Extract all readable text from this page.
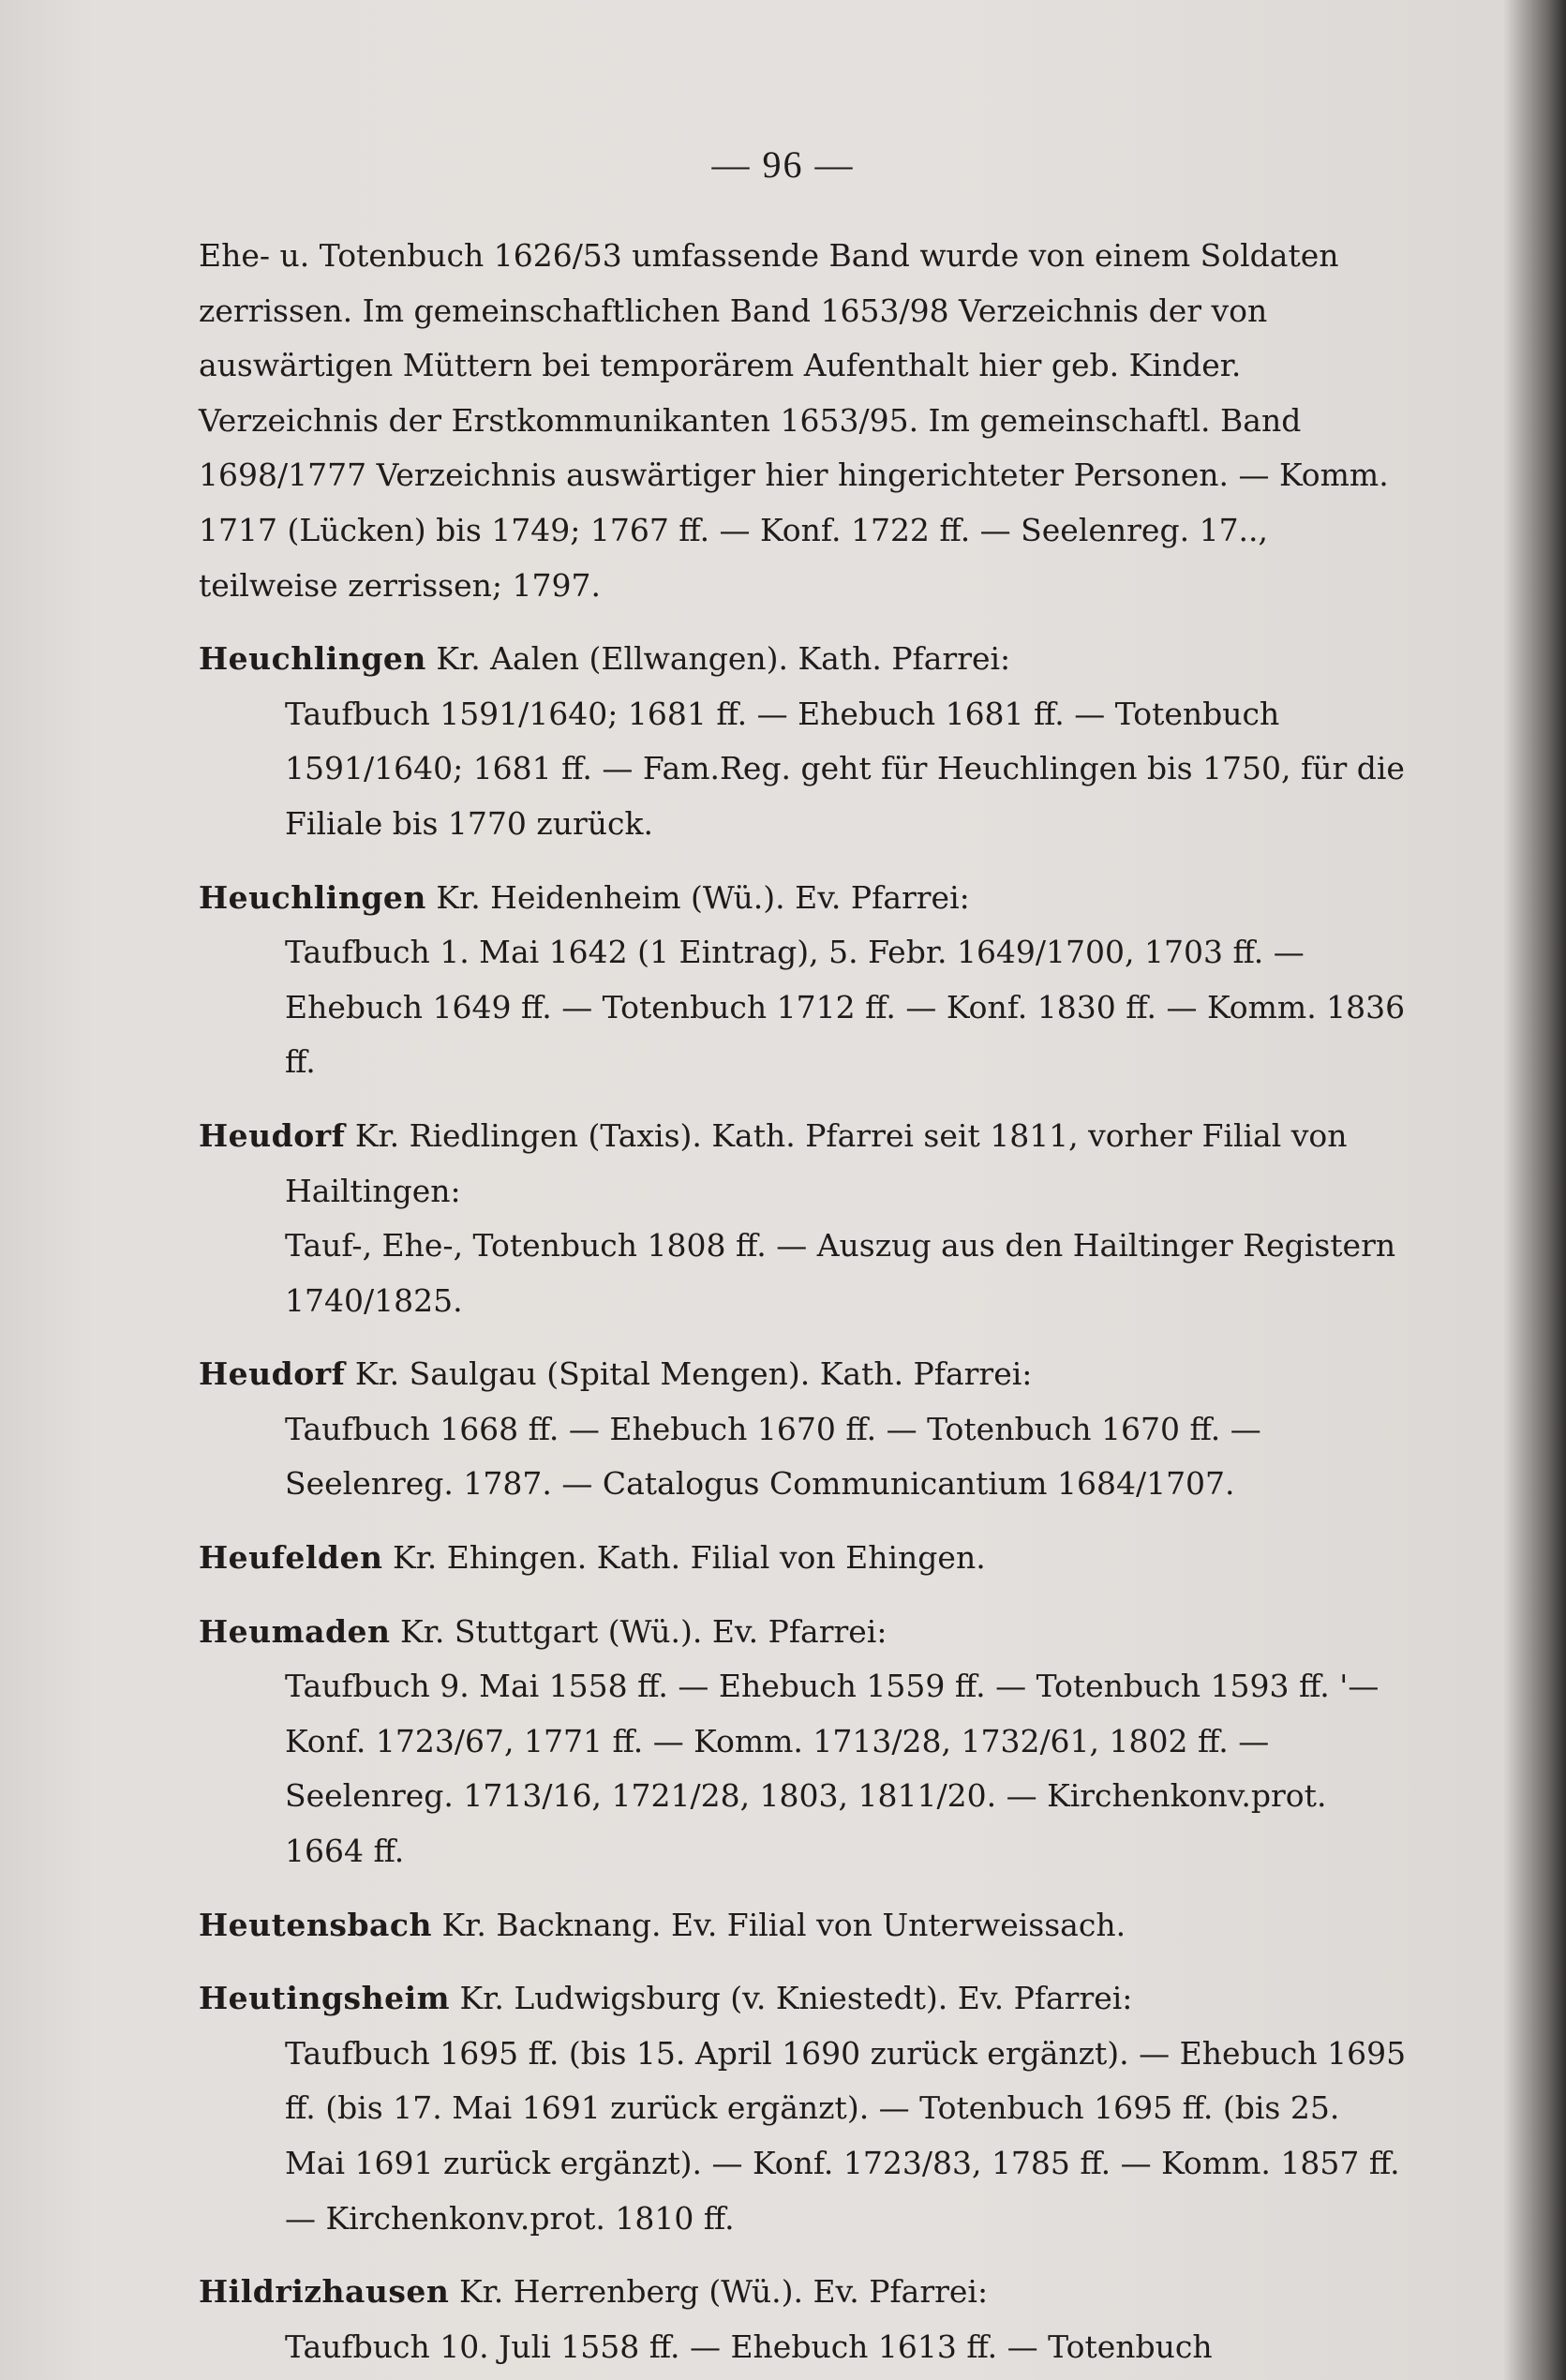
— 96 —

Ehe- u. Totenbuch 1626/53 umfassende Band wurde von einem Soldaten zerrissen. Im gemeinschaftlichen Band 1653/98 Verzeichnis der von auswärtigen Müttern bei temporärem Aufenthalt hier geb. Kinder. Verzeichnis der Erstkommunikanten 1653/95. Im gemeinschaftl. Band 1698/1777 Verzeichnis auswärtiger hier hingerichteter Personen. — Komm. 1717 (Lücken) bis 1749; 1767 ff. — Konf. 1722 ff. — Seelenreg. 17.., teilweise zerrissen; 1797.

Heuchlingen Kr. Aalen (Ellwangen). Kath. Pfarrei:

Taufbuch 1591/1640; 1681 ff. — Ehebuch 1681 ff. — Totenbuch 1591/1640; 1681 ff. — Fam.Reg. geht für Heuchlingen bis 1750, für die Filiale bis 1770 zurück.

Heuchlingen Kr. Heidenheim (Wü.). Ev. Pfarrei:

Taufbuch 1. Mai 1642 (1 Eintrag), 5. Febr. 1649/1700, 1703 ff. — Ehebuch 1649 ff. — Totenbuch 1712 ff. — Konf. 1830 ff. — Komm. 1836 ff.

Heudorf Kr. Riedlingen (Taxis). Kath. Pfarrei seit 1811, vorher Filial von Hailtingen:

Tauf-, Ehe-, Totenbuch 1808 ff. — Auszug aus den Hailtinger Registern 1740/1825.

Heudorf Kr. Saulgau (Spital Mengen). Kath. Pfarrei:

Taufbuch 1668 ff. — Ehebuch 1670 ff. — Totenbuch 1670 ff. — Seelenreg. 1787. — Catalogus Communicantium 1684/1707.

Heufelden Kr. Ehingen. Kath. Filial von Ehingen.

Heumaden Kr. Stuttgart (Wü.). Ev. Pfarrei:

Taufbuch 9. Mai 1558 ff. — Ehebuch 1559 ff. — Totenbuch 1593 ff. '— Konf. 1723/67, 1771 ff. — Komm. 1713/28, 1732/61, 1802 ff. — Seelenreg. 1713/16, 1721/28, 1803, 1811/20. — Kirchenkonv.prot. 1664 ff.

Heutensbach Kr. Backnang. Ev. Filial von Unterweissach.

Heutingsheim Kr. Ludwigsburg (v. Kniestedt). Ev. Pfarrei:

Taufbuch 1695 ff. (bis 15. April 1690 zurück ergänzt). — Ehebuch 1695 ff. (bis 17. Mai 1691 zurück ergänzt). — Totenbuch 1695 ff. (bis 25. Mai 1691 zurück ergänzt). — Konf. 1723/83, 1785 ff. — Komm. 1857 ff. — Kirchenkonv.prot. 1810 ff.

Hildrizhausen Kr. Herrenberg (Wü.). Ev. Pfarrei:

Taufbuch 10. Juli 1558 ff. — Ehebuch 1613 ff. — Totenbuch
